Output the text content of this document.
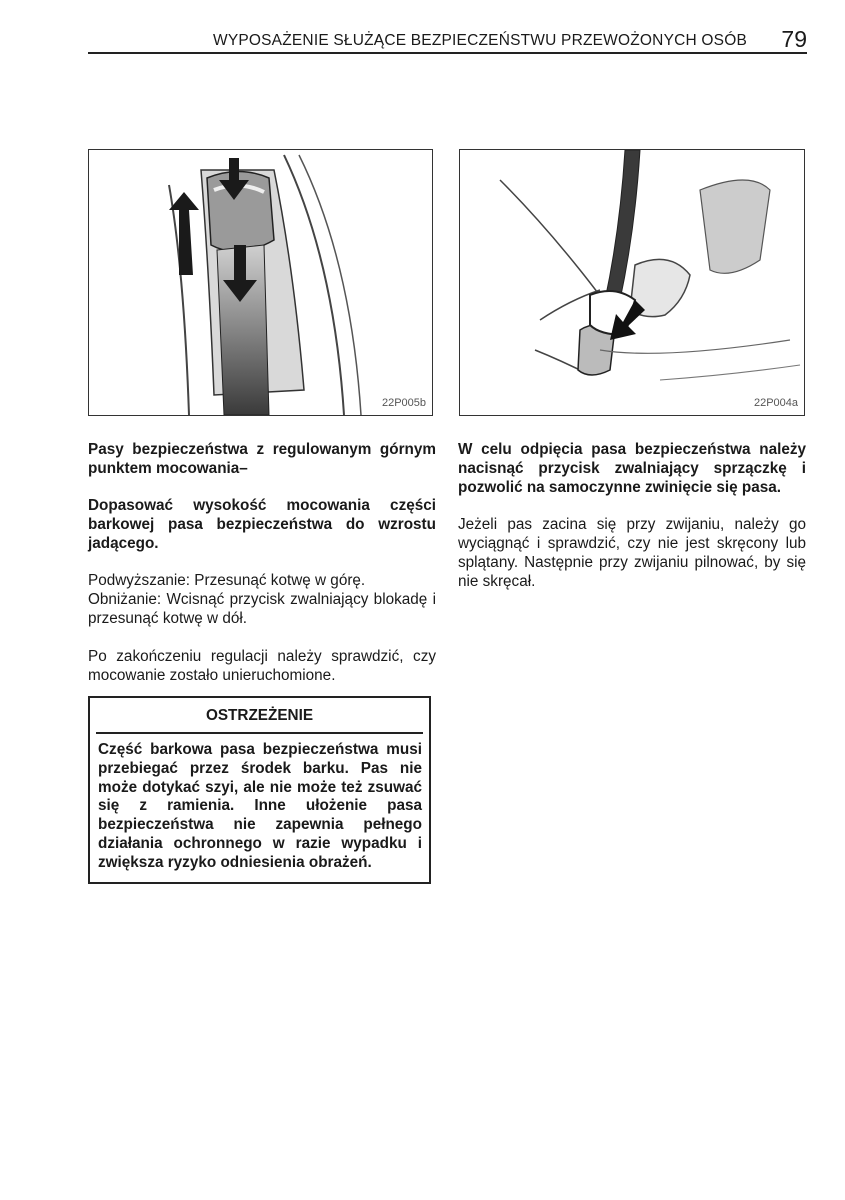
WYPOSAŻENIE SŁUŻĄCE BEZPIECZEŃSTWU PRZEWOŻONYCH OSÓB 79
22P005b	22P004a

Pasy bezpieczeństwa z regulowanym górnym punktem mocowania–

Dopasować wysokość mocowania części barkowej pasa bezpieczeństwa do wzrostu jadącego.

Podwyższanie: Przesunąć kotwę w górę.

Obniżanie: Wcisnąć przycisk zwalniający blokadę i przesunąć kotwę w dół.

Po zakończeniu regulacji należy sprawdzić, czy mocowanie zostało unieruchomione.

OSTRZEŻENIE
Część barkowa pasa bezpieczeństwa musi przebiegać przez środek barku. Pas nie może dotykać szyi, ale nie może też zsuwać się z ramienia. Inne ułożenie pasa bezpieczeństwa nie zapewnia pełnego działania ochronnego w razie wypadku i zwiększa ryzyko odniesienia obrażeń.

W celu odpięcia pasa bezpieczeństwa należy nacisnąć przycisk zwalniający sprzączkę i pozwolić na samoczynne zwinięcie się pasa.

Jeżeli pas zacina się przy zwijaniu, należy go wyciągnąć i sprawdzić, czy nie jest skręcony lub splątany. Następnie przy zwijaniu pilnować, by się nie skręcał.
